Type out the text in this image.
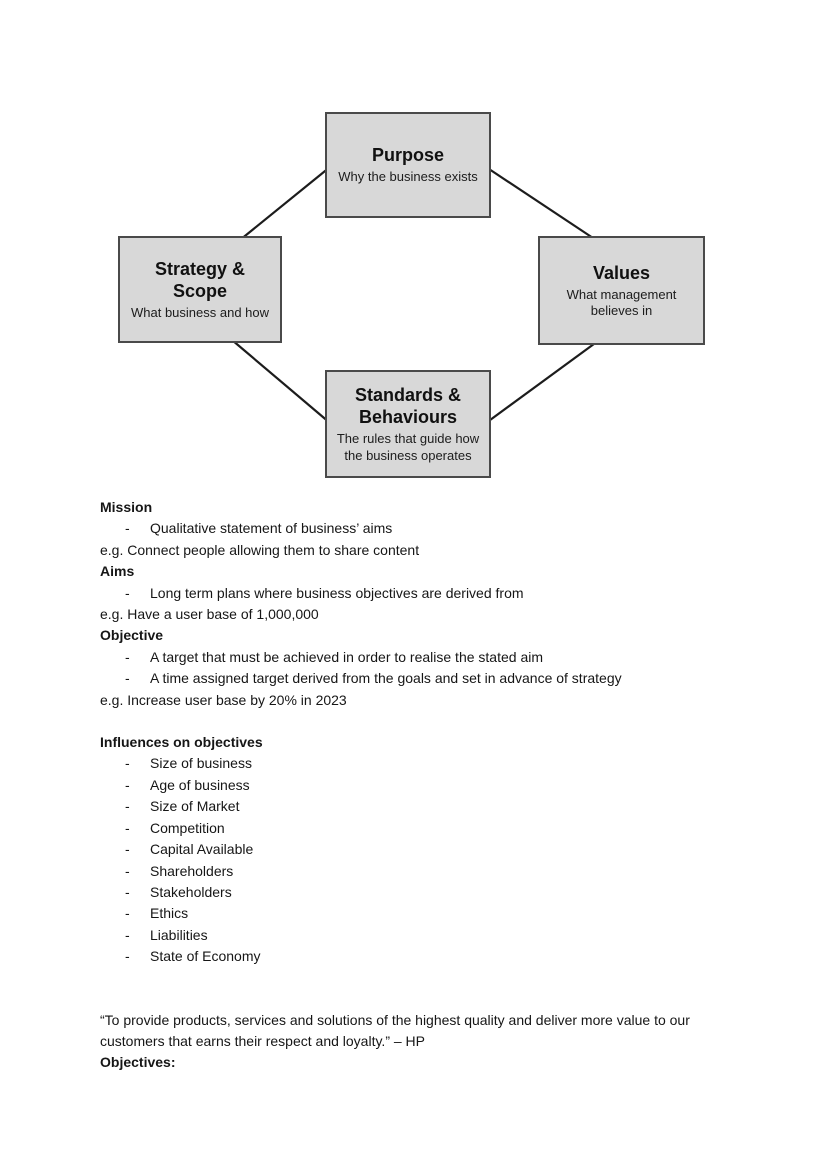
Purpose
Why the business exists
Strategy & Scope
What business and how
Values
What management believes in
Standards & Behaviours
The rules that guide how the business operates
Mission
-	Qualitative statement of business’ aims
e.g. Connect people allowing them to share content
Aims
-	Long term plans where business objectives are derived from
e.g. Have a user base of 1,000,000
Objective
-	A target that must be achieved in order to realise the stated aim
-	A time assigned target derived from the goals and set in advance of strategy
e.g. Increase user base by 20% in 2023
Influences on objectives
-	Size of business
-	Age of business
-	Size of Market
-	Competition
-	Capital Available
-	Shareholders
-	Stakeholders
-	Ethics
-	Liabilities
-	State of Economy
“To provide products, services and solutions of the highest quality and deliver more value to our customers that earns their respect and loyalty.” – HP
Objectives:
